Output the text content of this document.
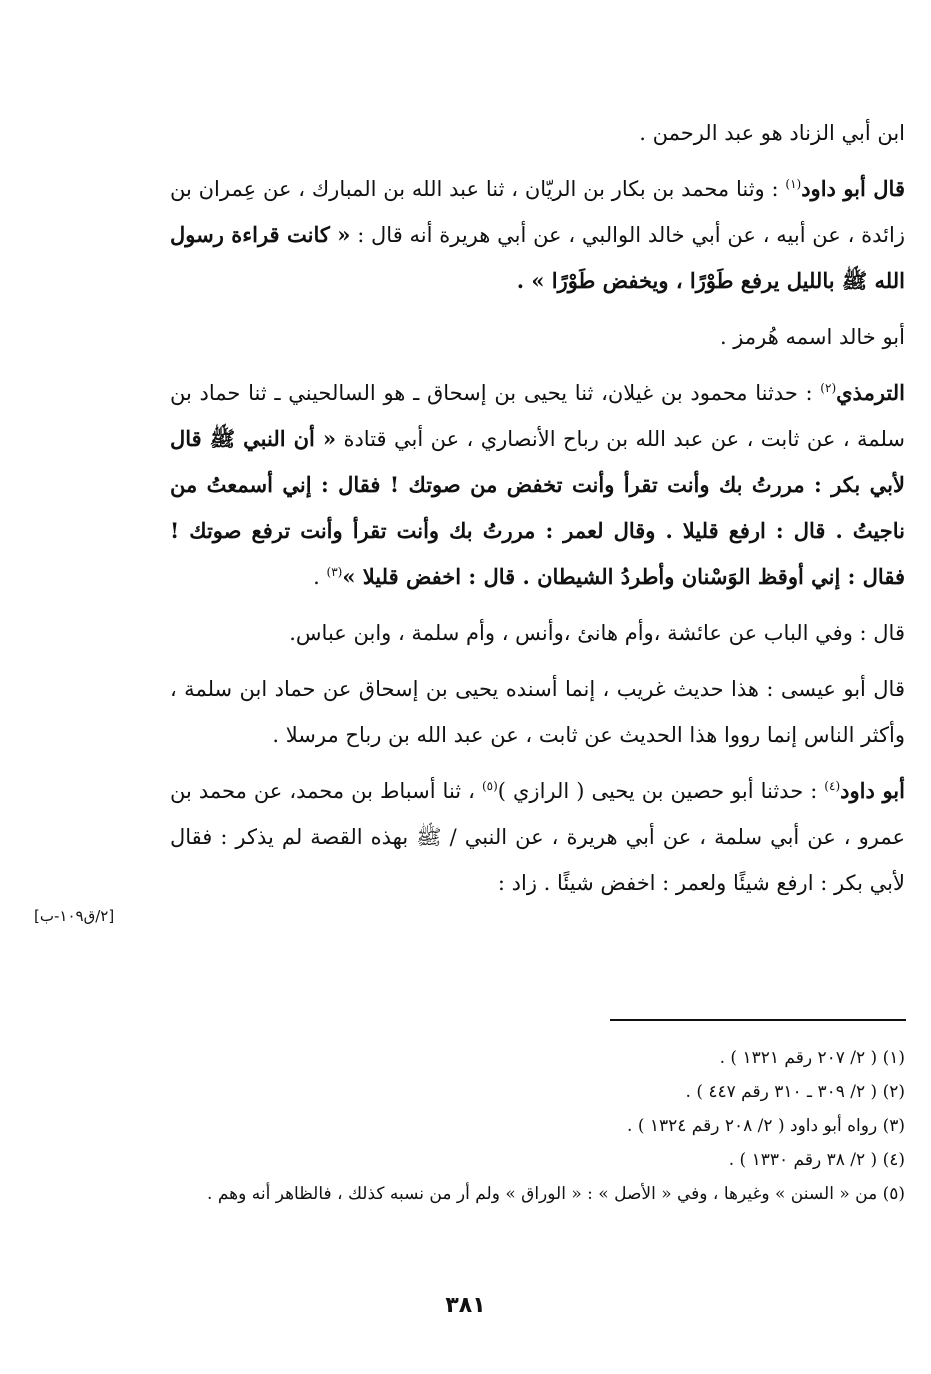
ابن أبي الزناد هو عبد الرحمن .

قال أبو داود$^{(١)}$ : وثنا محمد بن بكار بن الريّان ، ثنا عبد الله بن المبارك ، عن عِمران بن زائدة ، عن أبيه ، عن أبي خالد الوالبي ، عن أبي هريرة أنه قال : « كانت قراءة رسول الله ﷺ بالليل يرفع طَوْرًا ، ويخفض طَوْرًا » .

أبو خالد اسمه هُرمز .

الترمذي$^{(٢)}$ : حدثنا محمود بن غيلان، ثنا يحيى بن إسحاق ـ هو السالحيني ـ ثنا حماد بن سلمة ، عن ثابت ، عن عبد الله بن رباح الأنصاري ، عن أبي قتادة « أن النبي ﷺ قال لأبي بكر : مررتُ بك وأنت تقرأ وأنت تخفض من صوتك ! فقال : إني أسمعتُ من ناجيتُ . قال : ارفع قليلا . وقال لعمر : مررتُ بك وأنت تقرأ وأنت ترفع صوتك ! فقال : إني أوقظ الوَسْنان وأطردُ الشيطان . قال : اخفض قليلا »$^{(٣)}$ .

قال : وفي الباب عن عائشة ،وأم هانئ ،وأنس ، وأم سلمة ، وابن عباس.

قال أبو عيسى : هذا حديث غريب ، إنما أسنده يحيى بن إسحاق عن حماد ابن سلمة ، وأكثر الناس إنما رووا هذا الحديث عن ثابت ، عن عبد الله بن رباح مرسلا .

أبو داود$^{(٤)}$ : حدثنا أبو حصين بن يحيى ( الرازي )$^{(٥)}$ ، ثنا أسباط بن محمد، عن محمد بن عمرو ، عن أبي سلمة ، عن أبي هريرة ، عن النبي / ﷺ بهذه القصة لم يذكر : فقال لأبي بكر : ارفع شيئًا ولعمر : اخفض شيئًا . زاد :

[٢/ق١٠٩-ب]
(١) ( ٢/ ٢٠٧ رقم ١٣٢١ ) .
(٢) ( ٢/ ٣٠٩ ـ ٣١٠ رقم ٤٤٧ ) .
(٣) رواه أبو داود ( ٢/ ٢٠٨ رقم ١٣٢٤ ) .
(٤) ( ٢/ ٣٨ رقم ١٣٣٠ ) .
(٥) من « السنن » وغيرها ، وفي « الأصل » : « الوراق » ولم أر من نسبه كذلك ، فالظاهر أنه وهم .
٣٨١
